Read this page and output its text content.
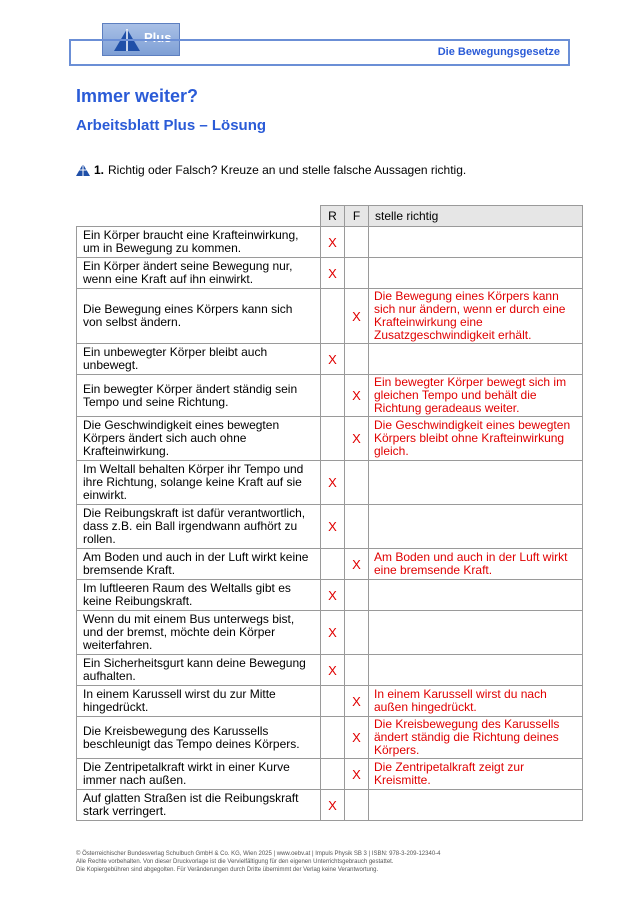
Plus
Die Bewegungsgesetze
Immer weiter?
Arbeitsblatt Plus – Lösung
1. Richtig oder Falsch? Kreuze an und stelle falsche Aussagen richtig.
	R	F	stelle richtig
Ein Körper braucht eine Krafteinwirkung, um in Bewegung zu kommen.	X		
Ein Körper ändert seine Bewegung nur, wenn eine Kraft auf ihn einwirkt.	X		
Die Bewegung eines Körpers kann sich von selbst ändern.		X	Die Bewegung eines Körpers kann sich nur ändern, wenn er durch eine Krafteinwirkung eine Zusatzgeschwindigkeit erhält.
Ein unbewegter Körper bleibt auch unbewegt.	X		
Ein bewegter Körper ändert ständig sein Tempo und seine Richtung.		X	Ein bewegter Körper bewegt sich im gleichen Tempo und behält die Richtung geradeaus weiter.
Die Geschwindigkeit eines bewegten Körpers ändert sich auch ohne Krafteinwirkung.		X	Die Geschwindigkeit eines bewegten Körpers bleibt ohne Krafteinwirkung gleich.
Im Weltall behalten Körper ihr Tempo und ihre Richtung, solange keine Kraft auf sie einwirkt.	X		
Die Reibungskraft ist dafür verantwortlich, dass z.B. ein Ball irgendwann aufhört zu rollen.	X		
Am Boden und auch in der Luft wirkt keine bremsende Kraft.		X	Am Boden und auch in der Luft wirkt eine bremsende Kraft.
Im luftleeren Raum des Weltalls gibt es keine Reibungskraft.	X		
Wenn du mit einem Bus unterwegs bist, und der bremst, möchte dein Körper weiterfahren.	X		
Ein Sicherheitsgurt kann deine Bewegung aufhalten.	X		
In einem Karussell wirst du zur Mitte hingedrückt.		X	In einem Karussell wirst du nach außen hingedrückt.
Die Kreisbewegung des Karussells beschleunigt das Tempo deines Körpers.		X	Die Kreisbewegung des Karussells ändert ständig die Richtung deines Körpers.
Die Zentripetalkraft wirkt in einer Kurve immer nach außen.		X	Die Zentripetalkraft zeigt zur Kreismitte.
Auf glatten Straßen ist die Reibungskraft stark verringert.	X		
© Österreichischer Bundesverlag Schulbuch GmbH & Co. KG, Wien 2025 | www.oebv.at | Impuls Physik SB 3 | ISBN: 978-3-209-12340-4
Alle Rechte vorbehalten. Von dieser Druckvorlage ist die Vervielfältigung für den eigenen Unterrichtsgebrauch gestattet.
Die Kopiergebühren sind abgegolten. Für Veränderungen durch Dritte übernimmt der Verlag keine Verantwortung.
